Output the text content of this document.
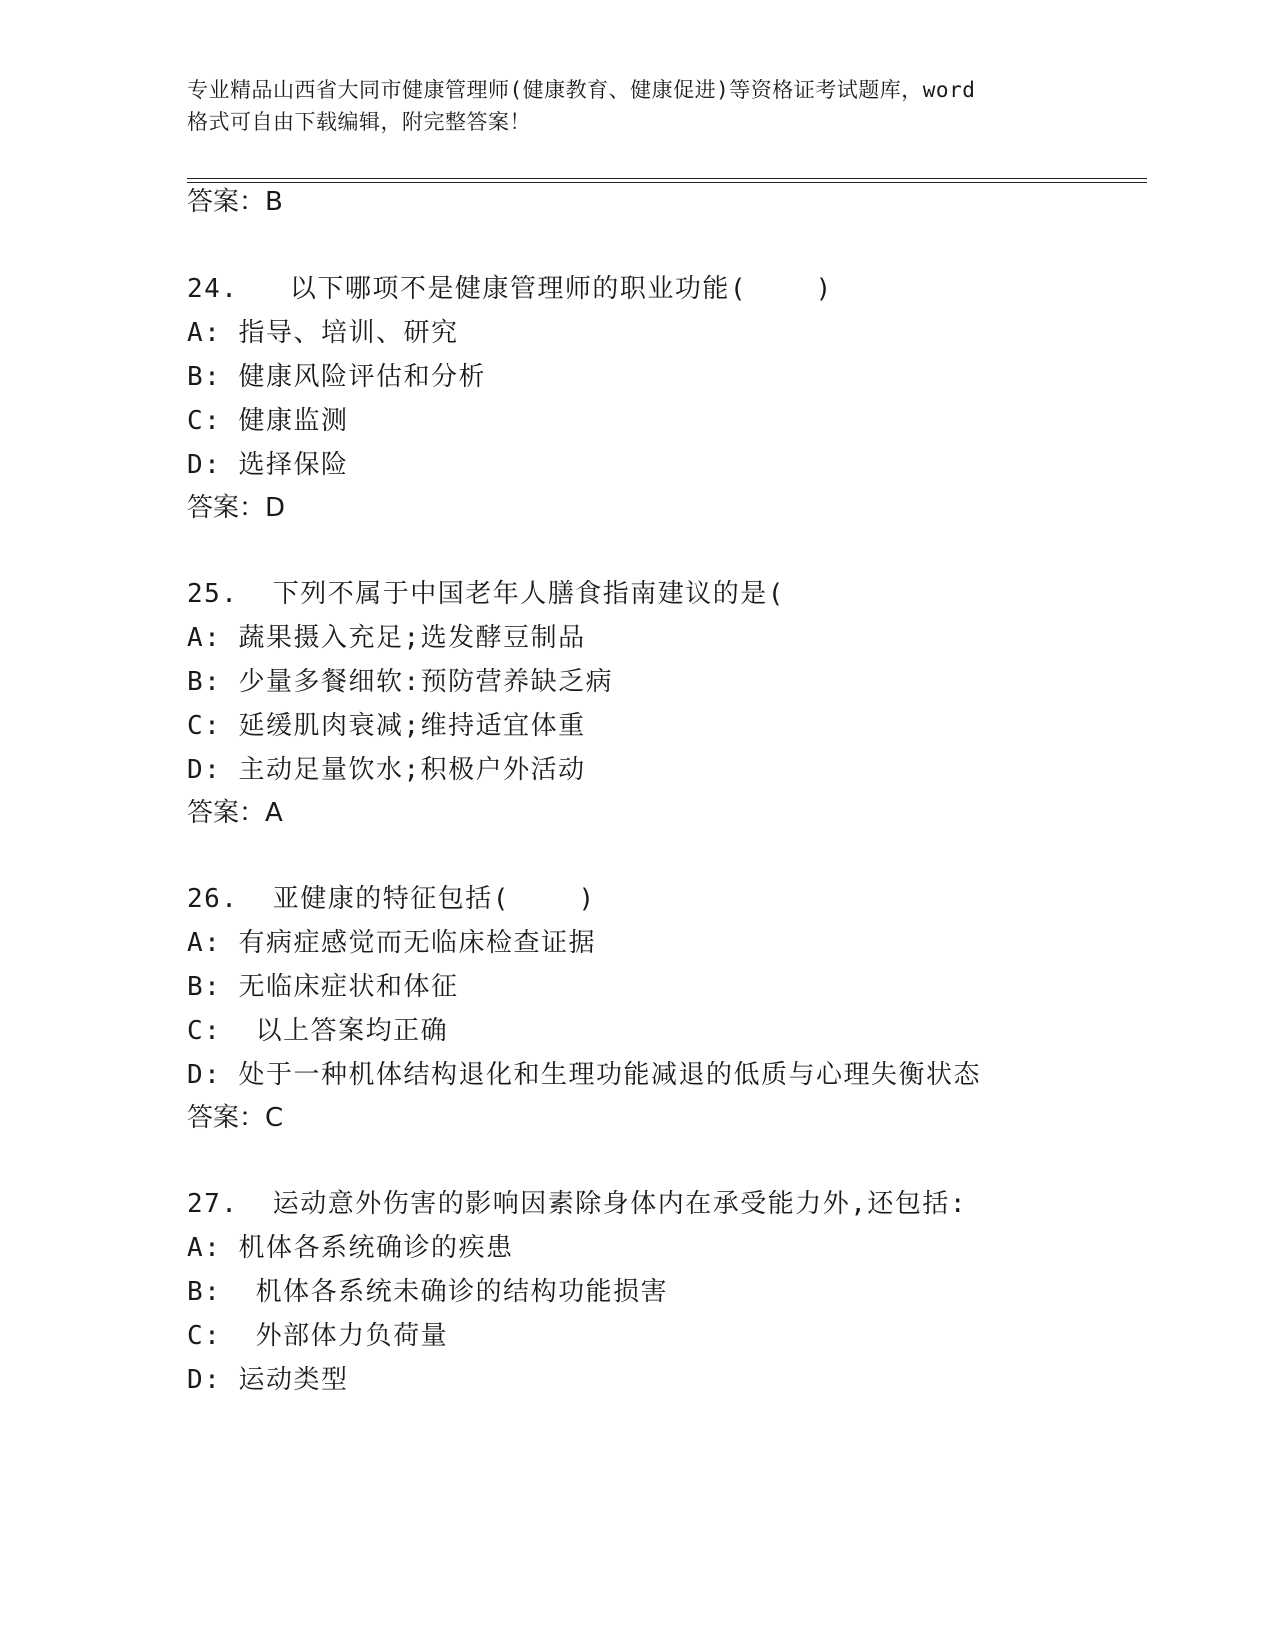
专业精品山西省大同市健康管理师(健康教育、健康促进)等资格证考试题库，word
格式可自由下载编辑，附完整答案！
答案：B
24.   以下哪项不是健康管理师的职业功能(    )
A: 指导、培训、研究
B: 健康风险评估和分析
C: 健康监测
D: 选择保险
答案：D
25.  下列不属于中国老年人膳食指南建议的是(
A: 蔬果摄入充足;选发酵豆制品
B: 少量多餐细软:预防营养缺乏病
C: 延缓肌肉衰减;维持适宜体重
D: 主动足量饮水;积极户外活动
答案：A
26.  亚健康的特征包括(    )
A: 有病症感觉而无临床检查证据
B: 无临床症状和体征
C:  以上答案均正确
D: 处于一种机体结构退化和生理功能减退的低质与心理失衡状态
答案：C
27.  运动意外伤害的影响因素除身体内在承受能力外,还包括:
A: 机体各系统确诊的疾患
B:  机体各系统未确诊的结构功能损害
C:  外部体力负荷量
D: 运动类型
